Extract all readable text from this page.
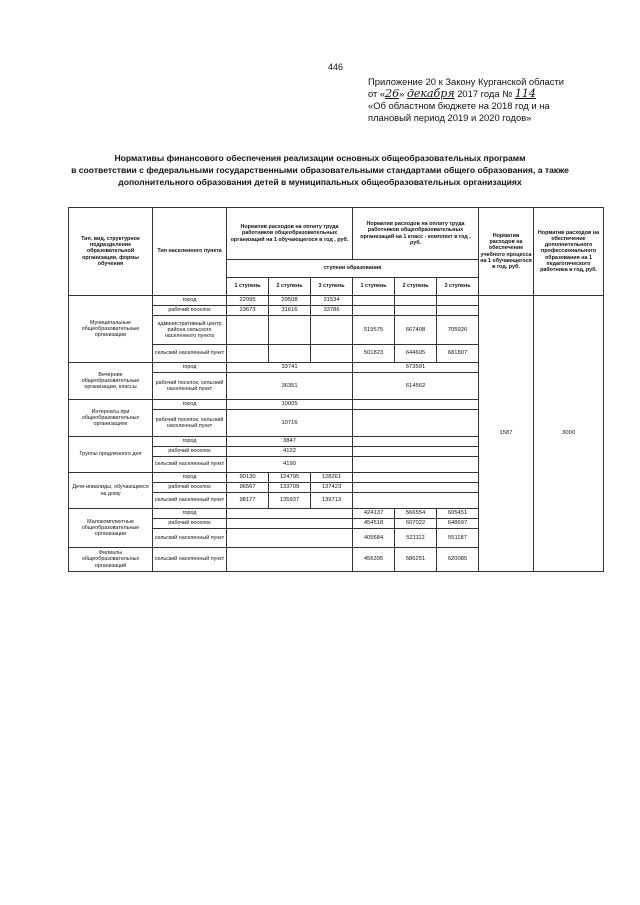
446
Приложение 20 к Закону Курганской области
от «26» декабря 2017 года № 114
«Об областном бюджете на 2018 год и на
плановый период 2019 и 2020 годов»
Нормативы финансового обеспечения реализации основных общеобразовательных программ
в соответствии с федеральными государственными образовательными стандартами общего образования, а также
дополнительного образования детей в муниципальных общеобразовательных организациях
Тип, вид, структурное подразделение образовательной организации, формы обучения	Тип населенного пункта	Норматив расходов на оплату труда работников общеобразовательных организаций на 1 обучающегося в год , руб.			Норматив расходов на оплату труда работников общеобразовательных организаций на 1 класс - комплект в год , руб.			Норматив расходов на обеспечение учебного процесса на 1 обучающегося в год, руб.	Норматив расходов на обеспечение дополнительного профессионального образования на 1 педагогического работника в год, руб.
		ступени образования							
		1 ступень	2 ступень	3 ступень	1 ступень	2 ступень	3 ступень		
Муниципальные общеобразовательные организации	город	22095	29508	31534				1587	3000
	рабочий поселок	23673	31616	33786					
	административный центр района сельского населенного пункта				519575	667408	705926		
	сельский населенный пункт				501823	644605	681807		
Вечерние общеобразовательные организации, классы	город	33741			573591				
	рабочий поселок, сельский населенный пункт	36351			614562				
Интернаты при общеобразовательных организациях	город	10005							
	рабочий поселок, сельский населенный пункт	10716							
Группы продленного дня	город	3847							
	рабочий поселок	4122							
	сельский населенный пункт	4190							
Дети-инвалиды, обучающиеся на дому	город	90130	124795	128261					
	рабочий поселок	96567	133709	137423					
	сельский населенный пункт	98177	135937	139713					
Малокомплектные общеобразовательные организации	город				424137	566554	605451		
	рабочий поселок				454518	607022	648697		
	сельский населенный пункт				405684	521112	551187		
Филиалы общеобразовательных организаций	сельский населенный пункт				456395	586251	620085		
